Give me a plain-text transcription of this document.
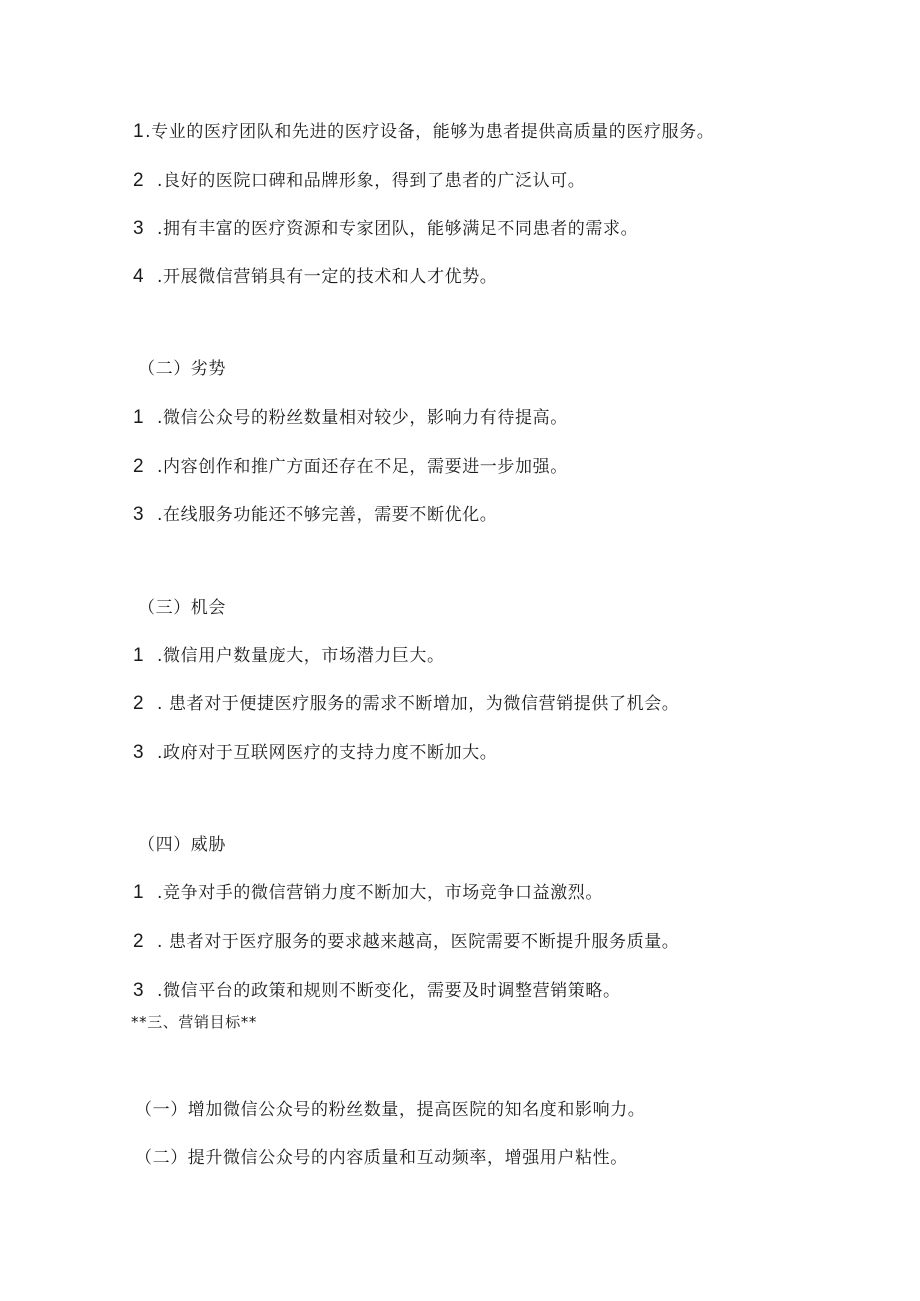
1.专业的医疗团队和先进的医疗设备，能够为患者提供高质量的医疗服务。
2 .良好的医院口碑和品牌形象，得到了患者的广泛认可。
3 .拥有丰富的医疗资源和专家团队，能够满足不同患者的需求。
4 .开展微信营销具有一定的技术和人才优势。
（二）劣势
1 .微信公众号的粉丝数量相对较少，影响力有待提高。
2 .内容创作和推广方面还存在不足，需要进一步加强。
3 .在线服务功能还不够完善，需要不断优化。
（三）机会
1 .微信用户数量庞大，市场潜力巨大。
2 . 患者对于便捷医疗服务的需求不断增加，为微信营销提供了机会。
3 .政府对于互联网医疗的支持力度不断加大。
（四）威胁
1 .竞争对手的微信营销力度不断加大，市场竞争口益激烈。
2 . 患者对于医疗服务的要求越来越高，医院需要不断提升服务质量。
3 .微信平台的政策和规则不断变化，需要及时调整营销策略。
**三、营销目标**
（一）增加微信公众号的粉丝数量，提高医院的知名度和影响力。
（二）提升微信公众号的内容质量和互动频率，增强用户粘性。
